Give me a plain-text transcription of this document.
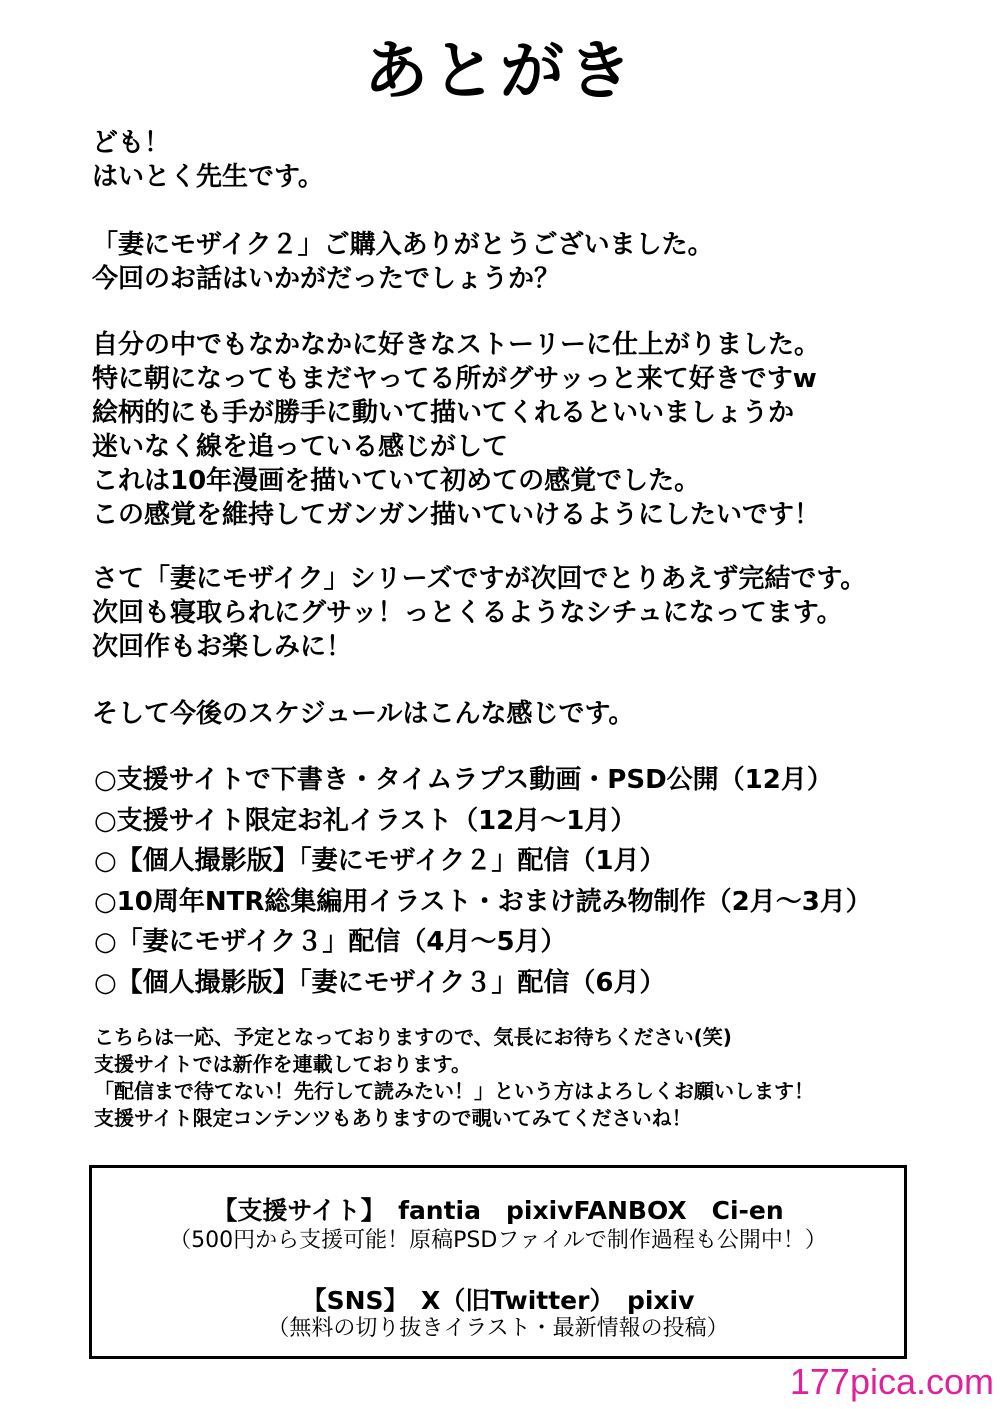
あとがき
ども！
はいとく先生です。
「妻にモザイク２」ご購入ありがとうございました。
今回のお話はいかがだったでしょうか？
自分の中でもなかなかに好きなストーリーに仕上がりました。
特に朝になってもまだヤってる所がグサッっと来て好きですw
絵柄的にも手が勝手に動いて描いてくれるといいましょうか
迷いなく線を追っている感じがして
これは10年漫画を描いていて初めての感覚でした。
この感覚を維持してガンガン描いていけるようにしたいです！
さて「妻にモザイク」シリーズですが次回でとりあえず完結です。
次回も寝取られにグサッ！っとくるようなシチュになってます。
次回作もお楽しみに！
そして今後のスケジュールはこんな感じです。
○支援サイトで下書き・タイムラプス動画・PSD公開（12月）
○支援サイト限定お礼イラスト（12月～1月）
○【個人撮影版】「妻にモザイク２」配信（1月）
○10周年NTR総集編用イラスト・おまけ読み物制作（2月～3月）
○「妻にモザイク３」配信（4月～5月）
○【個人撮影版】「妻にモザイク３」配信（6月）
こちらは一応、予定となっておりますので、気長にお待ちください(笑)
支援サイトでは新作を連載しております。
「配信まで待てない！先行して読みたい！」という方はよろしくお願いします！
支援サイト限定コンテンツもありますので覗いてみてくださいね！
【支援サイト】　fantia　pixivFANBOX　Ci-en
（500円から支援可能！原稿PSDファイルで制作過程も公開中！）
【SNS】　X（旧Twitter）　pixiv
（無料の切り抜きイラスト・最新情報の投稿）
177pica.com
